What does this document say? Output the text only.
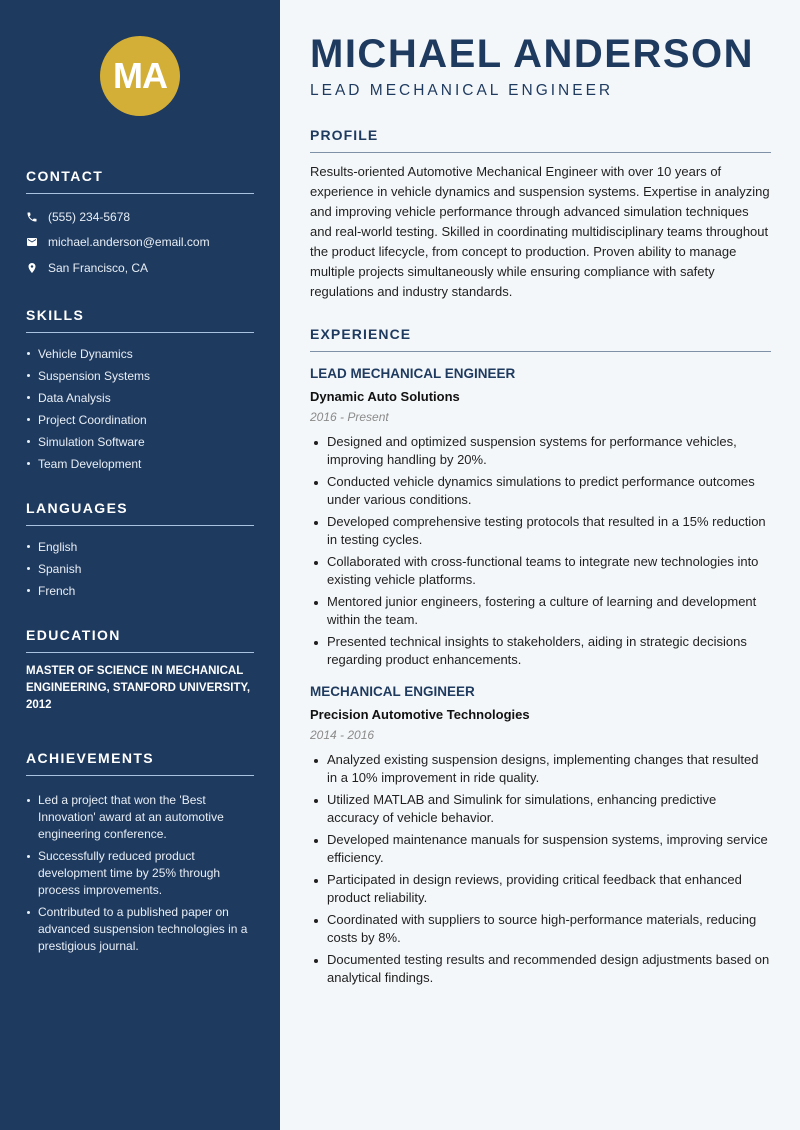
MA
CONTACT
(555) 234-5678
michael.anderson@email.com
San Francisco, CA
SKILLS
Vehicle Dynamics
Suspension Systems
Data Analysis
Project Coordination
Simulation Software
Team Development
LANGUAGES
English
Spanish
French
EDUCATION

MASTER OF SCIENCE IN MECHANICAL ENGINEERING, STANFORD UNIVERSITY, 2012

ACHIEVEMENTS
Led a project that won the 'Best Innovation' award at an automotive engineering conference.
Successfully reduced product development time by 25% through process improvements.
Contributed to a published paper on advanced suspension technologies in a prestigious journal.
MICHAEL ANDERSON
LEAD MECHANICAL ENGINEER
PROFILE

Results-oriented Automotive Mechanical Engineer with over 10 years of experience in vehicle dynamics and suspension systems. Expertise in analyzing and improving vehicle performance through advanced simulation techniques and real-world testing. Skilled in coordinating multidisciplinary teams throughout the product lifecycle, from concept to production. Proven ability to manage multiple projects simultaneously while ensuring compliance with safety regulations and industry standards.

EXPERIENCE
LEAD MECHANICAL ENGINEER
Dynamic Auto Solutions
2016 - Present
Designed and optimized suspension systems for performance vehicles, improving handling by 20%.
Conducted vehicle dynamics simulations to predict performance outcomes under various conditions.
Developed comprehensive testing protocols that resulted in a 15% reduction in testing cycles.
Collaborated with cross-functional teams to integrate new technologies into existing vehicle platforms.
Mentored junior engineers, fostering a culture of learning and development within the team.
Presented technical insights to stakeholders, aiding in strategic decisions regarding product enhancements.
MECHANICAL ENGINEER
Precision Automotive Technologies
2014 - 2016
Analyzed existing suspension designs, implementing changes that resulted in a 10% improvement in ride quality.
Utilized MATLAB and Simulink for simulations, enhancing predictive accuracy of vehicle behavior.
Developed maintenance manuals for suspension systems, improving service efficiency.
Participated in design reviews, providing critical feedback that enhanced product reliability.
Coordinated with suppliers to source high-performance materials, reducing costs by 8%.
Documented testing results and recommended design adjustments based on analytical findings.
